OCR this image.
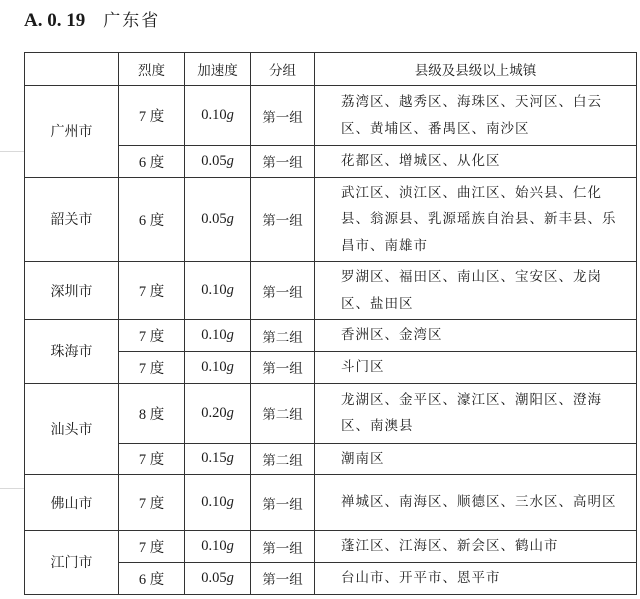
A. 0. 19 广东省
	烈度	加速度	分组	县级及县级以上城镇
广州市	7 度	0.10g	第一组	荔湾区、越秀区、海珠区、天河区、白云区、黄埔区、番禺区、南沙区
	6 度	0.05g	第一组	花都区、增城区、从化区
韶关市	6 度	0.05g	第一组	武江区、浈江区、曲江区、始兴县、仁化县、翁源县、乳源瑶族自治县、新丰县、乐昌市、南雄市
深圳市	7 度	0.10g	第一组	罗湖区、福田区、南山区、宝安区、龙岗区、盐田区
珠海市	7 度	0.10g	第二组	香洲区、金湾区
	7 度	0.10g	第一组	斗门区
汕头市	8 度	0.20g	第二组	龙湖区、金平区、濠江区、潮阳区、澄海区、南澳县
	7 度	0.15g	第二组	潮南区
佛山市	7 度	0.10g	第一组	禅城区、南海区、顺德区、三水区、高明区
江门市	7 度	0.10g	第一组	蓬江区、江海区、新会区、鹤山市
	6 度	0.05g	第一组	台山市、开平市、恩平市
